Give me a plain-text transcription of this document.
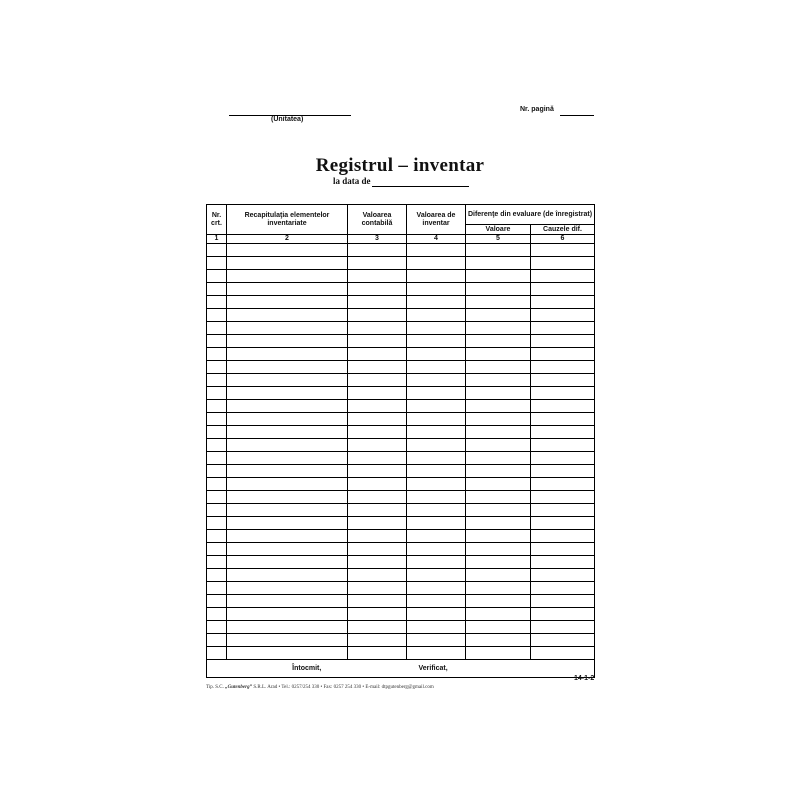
(Unitatea)
Nr. pagină
Registrul – inventar
la data de
Nr. crt.	Recapitulaţia elementelor inventariate	Valoarea contabilă	Valoarea de inventar	Diferenţe din evaluare (de înregistrat)	
				Valoare	Cauzele dif.
1	2	3	4	5	6

Întocmit,			Verificat,		
14-1-2
Tip. S.C. „Gutenberg” S.R.L. Arad • Tel.: 0257/254 330 • Fax: 0257 254 330 • E-mail: dtpgutenberg@gmail.com
